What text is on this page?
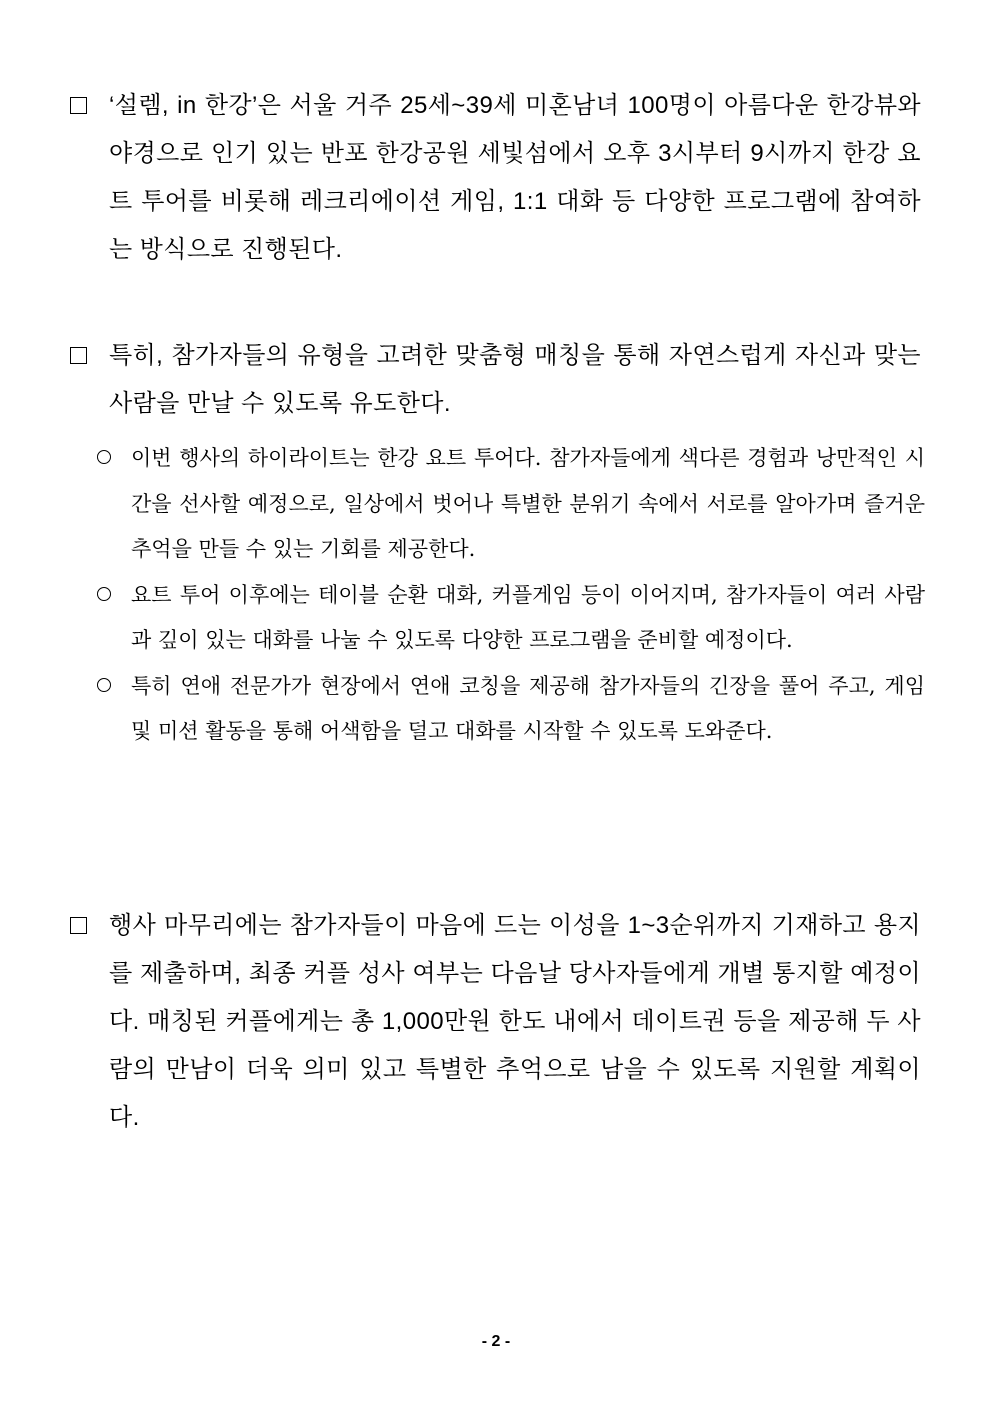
‘설렘, in 한강’은 서울 거주 25세~39세 미혼남녀 100명이 아름다운 한강뷰와 야경으로 인기 있는 반포 한강공원 세빛섬에서 오후 3시부터 9시까지 한강 요트 투어를 비롯해 레크리에이션 게임, 1:1 대화 등 다양한 프로그램에 참여하는 방식으로 진행된다.
특히, 참가자들의 유형을 고려한 맞춤형 매칭을 통해 자연스럽게 자신과 맞는 사람을 만날 수 있도록 유도한다.
이번 행사의 하이라이트는 한강 요트 투어다. 참가자들에게 색다른 경험과 낭만적인 시간을 선사할 예정으로, 일상에서 벗어나 특별한 분위기 속에서 서로를 알아가며 즐거운 추억을 만들 수 있는 기회를 제공한다.
요트 투어 이후에는 테이블 순환 대화, 커플게임 등이 이어지며, 참가자들이 여러 사람과 깊이 있는 대화를 나눌 수 있도록 다양한 프로그램을 준비할 예정이다.
특히 연애 전문가가 현장에서 연애 코칭을 제공해 참가자들의 긴장을 풀어 주고, 게임 및 미션 활동을 통해 어색함을 덜고 대화를 시작할 수 있도록 도와준다.
행사 마무리에는 참가자들이 마음에 드는 이성을 1~3순위까지 기재하고 용지를 제출하며, 최종 커플 성사 여부는 다음날 당사자들에게 개별 통지할 예정이다. 매칭된 커플에게는 총 1,000만원 한도 내에서 데이트권 등을 제공해 두 사람의 만남이 더욱 의미 있고 특별한 추억으로 남을 수 있도록 지원할 계획이다.
- 2 -
